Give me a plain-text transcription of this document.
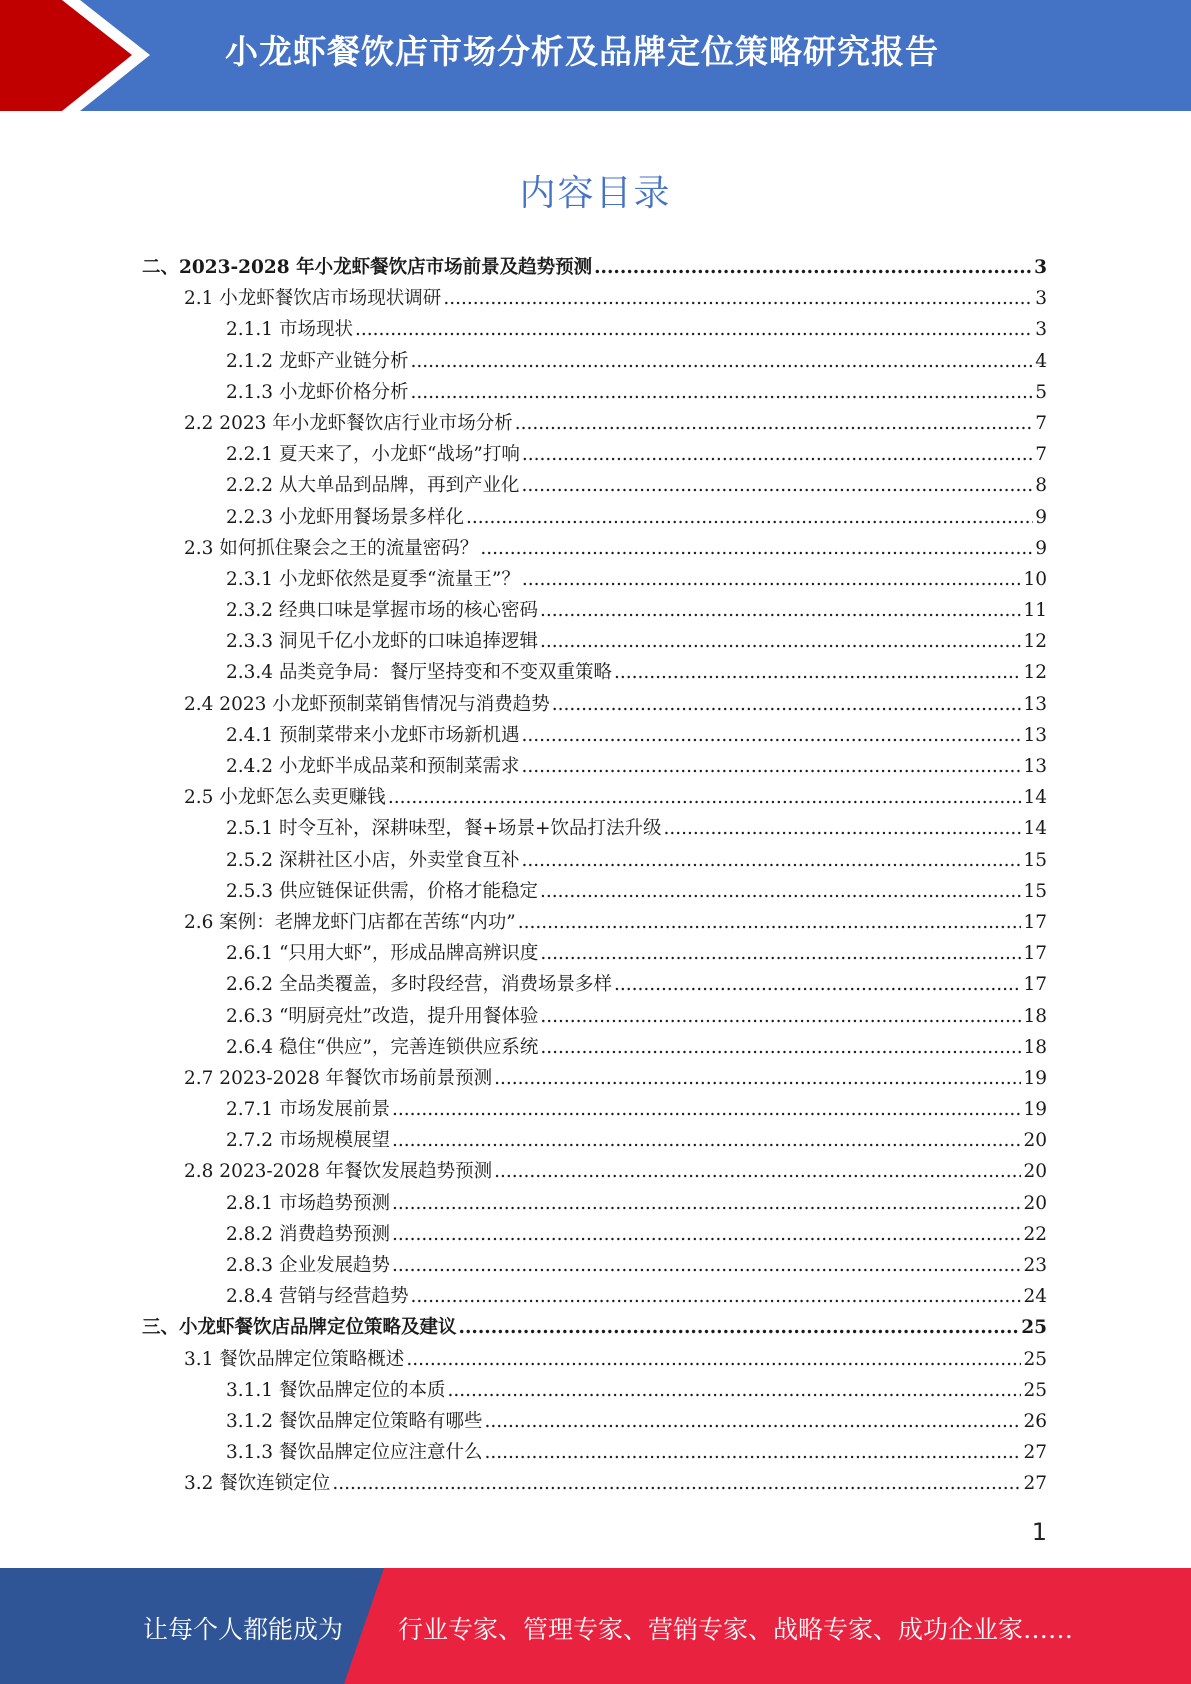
小龙虾餐饮店市场分析及品牌定位策略研究报告
内容目录
二、2023-2028 年小龙虾餐饮店市场前景及趋势预测 .....	3
2.1 小龙虾餐饮店市场现状调研 .....	3
2.1.1 市场现状 .....	3
2.1.2 龙虾产业链分析 .....	4
2.1.3 小龙虾价格分析 .....	5
2.2 2023 年小龙虾餐饮店行业市场分析 .....	7
2.2.1 夏天来了，小龙虾“战场”打响 .....	7
2.2.2 从大单品到品牌，再到产业化 .....	8
2.2.3 小龙虾用餐场景多样化 .....	9
2.3 如何抓住聚会之王的流量密码？ .....	9
2.3.1 小龙虾依然是夏季“流量王”？ .....	10
2.3.2 经典口味是掌握市场的核心密码 .....	11
2.3.3 洞见千亿小龙虾的口味追捧逻辑 .....	12
2.3.4 品类竞争局：餐厅坚持变和不变双重策略 .....	12
2.4 2023 小龙虾预制菜销售情况与消费趋势 .....	13
2.4.1 预制菜带来小龙虾市场新机遇 .....	13
2.4.2 小龙虾半成品菜和预制菜需求 .....	13
2.5 小龙虾怎么卖更赚钱 .....	14
2.5.1 时令互补，深耕味型，餐+场景+饮品打法升级 .....	14
2.5.2 深耕社区小店，外卖堂食互补 .....	15
2.5.3 供应链保证供需，价格才能稳定 .....	15
2.6 案例：老牌龙虾门店都在苦练“内功” .....	17
2.6.1 “只用大虾”，形成品牌高辨识度 .....	17
2.6.2 全品类覆盖，多时段经营，消费场景多样 .....	17
2.6.3 “明厨亮灶”改造，提升用餐体验 .....	18
2.6.4 稳住“供应”，完善连锁供应系统 .....	18
2.7 2023-2028 年餐饮市场前景预测 .....	19
2.7.1 市场发展前景 .....	19
2.7.2 市场规模展望 .....	20
2.8 2023-2028 年餐饮发展趋势预测 .....	20
2.8.1 市场趋势预测 .....	20
2.8.2 消费趋势预测 .....	22
2.8.3 企业发展趋势 .....	23
2.8.4 营销与经营趋势 .....	24
三、小龙虾餐饮店品牌定位策略及建议 .....	25
3.1 餐饮品牌定位策略概述 .....	25
3.1.1 餐饮品牌定位的本质 .....	25
3.1.2 餐饮品牌定位策略有哪些 .....	26
3.1.3 餐饮品牌定位应注意什么 .....	27
3.2 餐饮连锁定位 .....	27
1
让每个人都能成为 行业专家、管理专家、营销专家、战略专家、成功企业家……
